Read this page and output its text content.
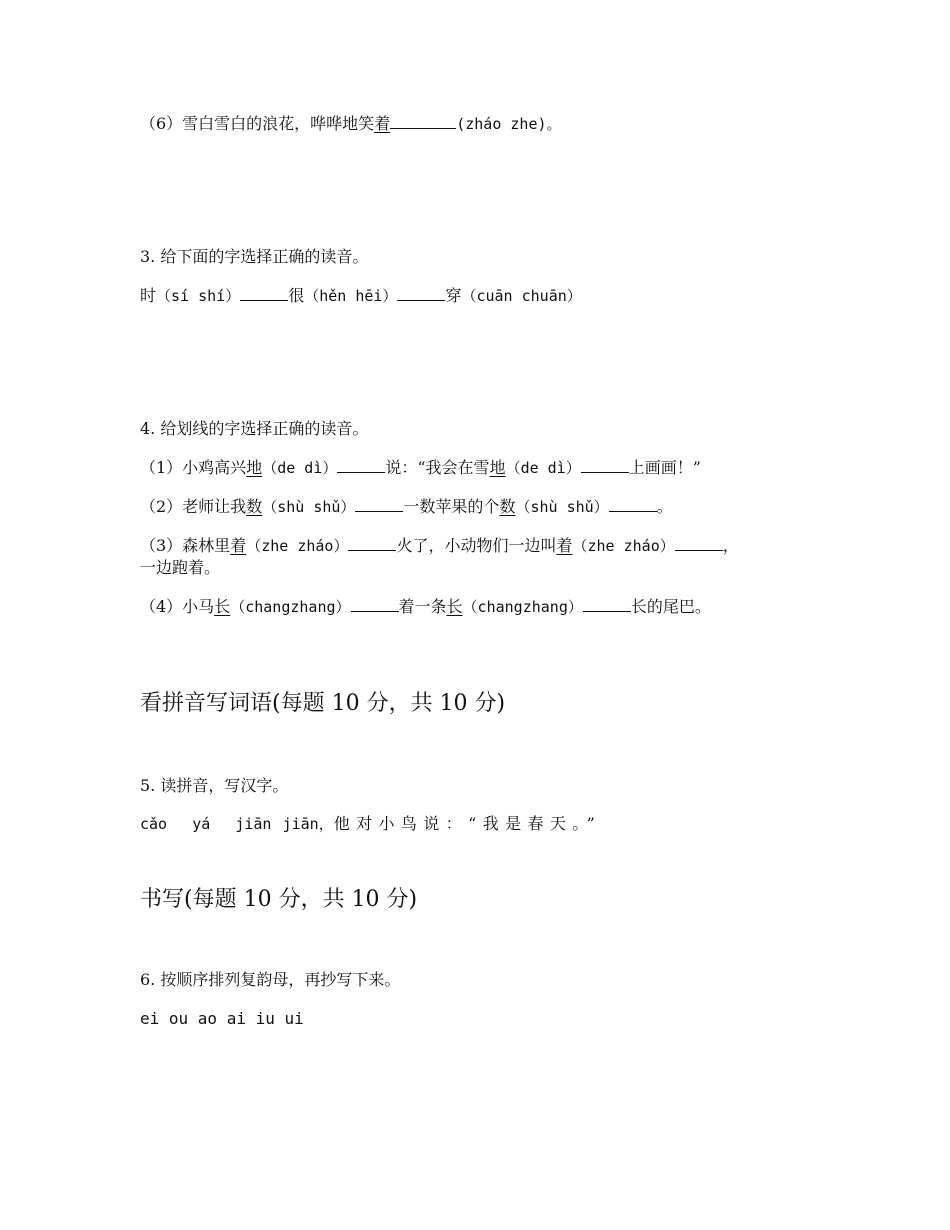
（6）雪白雪白的浪花，哗哗地笑着	(zháo zhe)。
3. 给下面的字选择正确的读音。
时（sí shí）	很（hěn hēi）	穿（cuān chuān）
4. 给划线的字选择正确的读音。
（1）小鸡高兴地（de dì）	说：“我会在雪地（de dì）	上画画！”
（2）老师让我数（shù shǔ）	一数苹果的个数（shù shǔ）	。
（3）森林里着（zhe zháo）	火了，小动物们一边叫着（zhe zháo）	，
一边跑着。
（4）小马长（changzhang）	着一条长（changzhang）	长的尾巴。
看拼音写词语(每题 10 分，共 10 分)
5. 读拼音，写汉字。
cǎo yá jiān jiān，他对小鸟说：“我是春天。”
书写(每题 10 分，共 10 分)
6. 按顺序排列复韵母，再抄写下来。
ei ou ao ai iu ui
